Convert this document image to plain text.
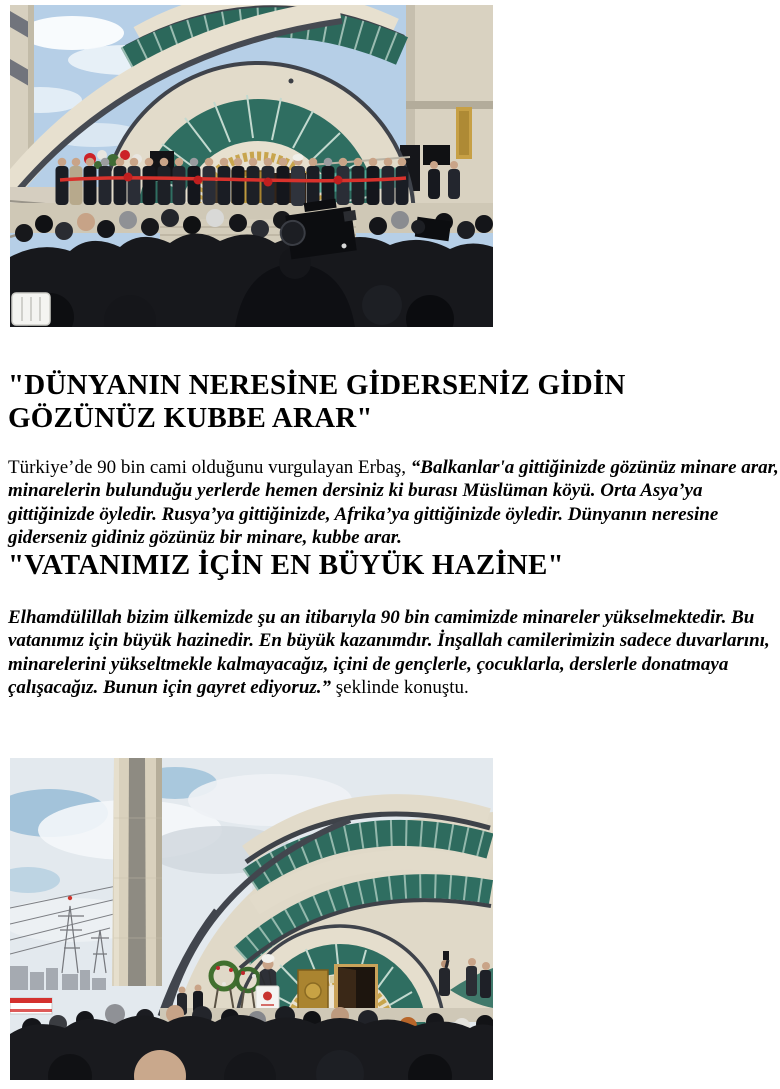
"DÜNYANIN NERESİNE GİDERSENİZ GİDİN GÖZÜNÜZ KUBBE ARAR"

Türkiye’de 90 bin cami olduğunu vurgulayan Erbaş, “Balkanlar'a gittiğinizde gözünüz minare arar, minarelerin bulunduğu yerlerde hemen dersiniz ki burası Müslüman köyü. Orta Asya’ya gittiğinizde öyledir. Rusya’ya gittiğinizde, Afrika’ya gittiğinizde öyledir. Dünyanın neresine giderseniz gidiniz gözünüz bir minare, kubbe arar.

"VATANIMIZ İÇİN EN BÜYÜK HAZİNE"

Elhamdülillah bizim ülkemizde şu an itibarıyla 90 bin camimizde minareler yükselmektedir. Bu vatanımız için büyük hazinedir. En büyük kazanımdır. İnşallah camilerimizin sadece duvarlarını, minarelerini yükseltmekle kalmayacağız, içini de gençlerle, çocuklarla, derslerle donatmaya çalışacağız. Bunun için gayret ediyoruz.” şeklinde konuştu.
